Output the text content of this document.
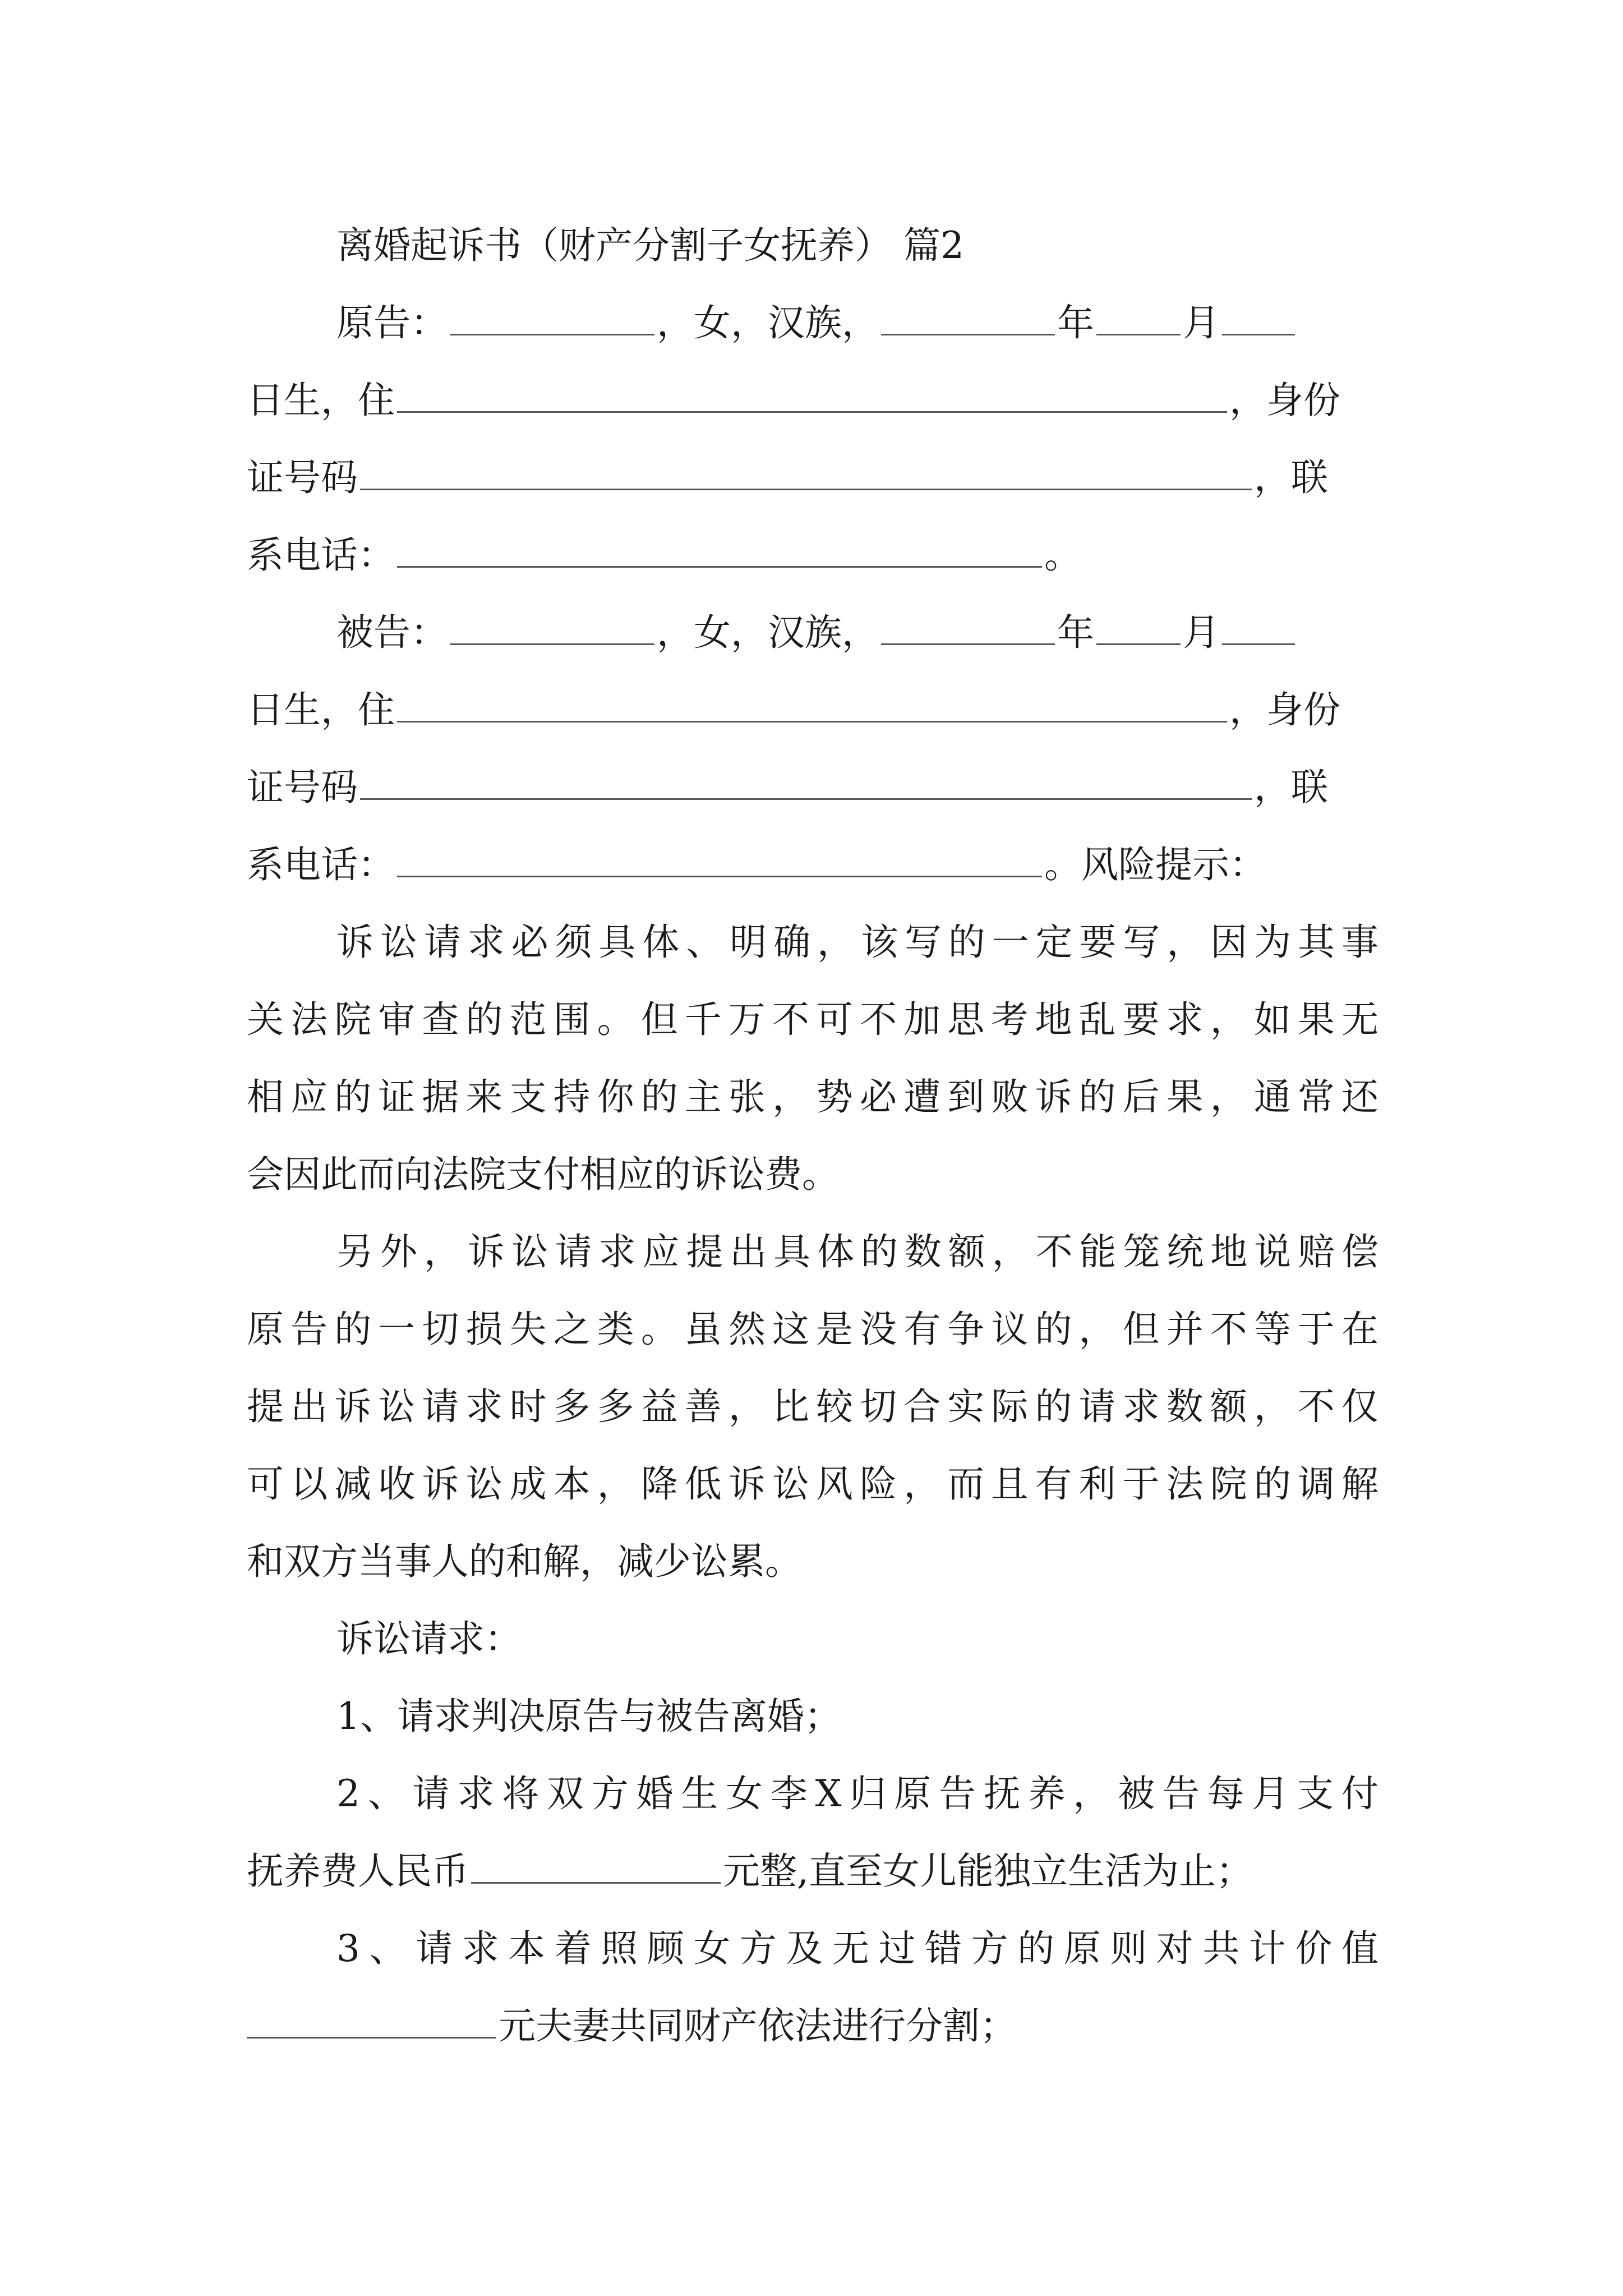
离婚起诉书（财产分割子女抚养） 篇2
原告：	，女，汉族，	年 月
日生，住	，身份
证号码	，联
系电话：	。
被告：	，女，汉族，	年 月
日生，住	，身份
证号码	，联
系电话：	。风险提示：
诉讼请求必须具体、明确，该写的一定要写，因为其事
关法院审查的范围。但千万不可不加思考地乱要求，如果无
相应的证据来支持你的主张，势必遭到败诉的后果，通常还
会因此而向法院支付相应的诉讼费。
另外，诉讼请求应提出具体的数额，不能笼统地说赔偿
原告的一切损失之类。虽然这是没有争议的，但并不等于在
提出诉讼请求时多多益善，比较切合实际的请求数额，不仅
可以减收诉讼成本，降低诉讼风险，而且有利于法院的调解
和双方当事人的和解，减少讼累。
诉讼请求：
1、请求判决原告与被告离婚；
2、请求将双方婚生女李X归原告抚养，被告每月支付
抚养费人民币	元整,直至女儿能独立生活为止；
3、请求本着照顾女方及无过错方的原则对共计价值
元夫妻共同财产依法进行分割；
